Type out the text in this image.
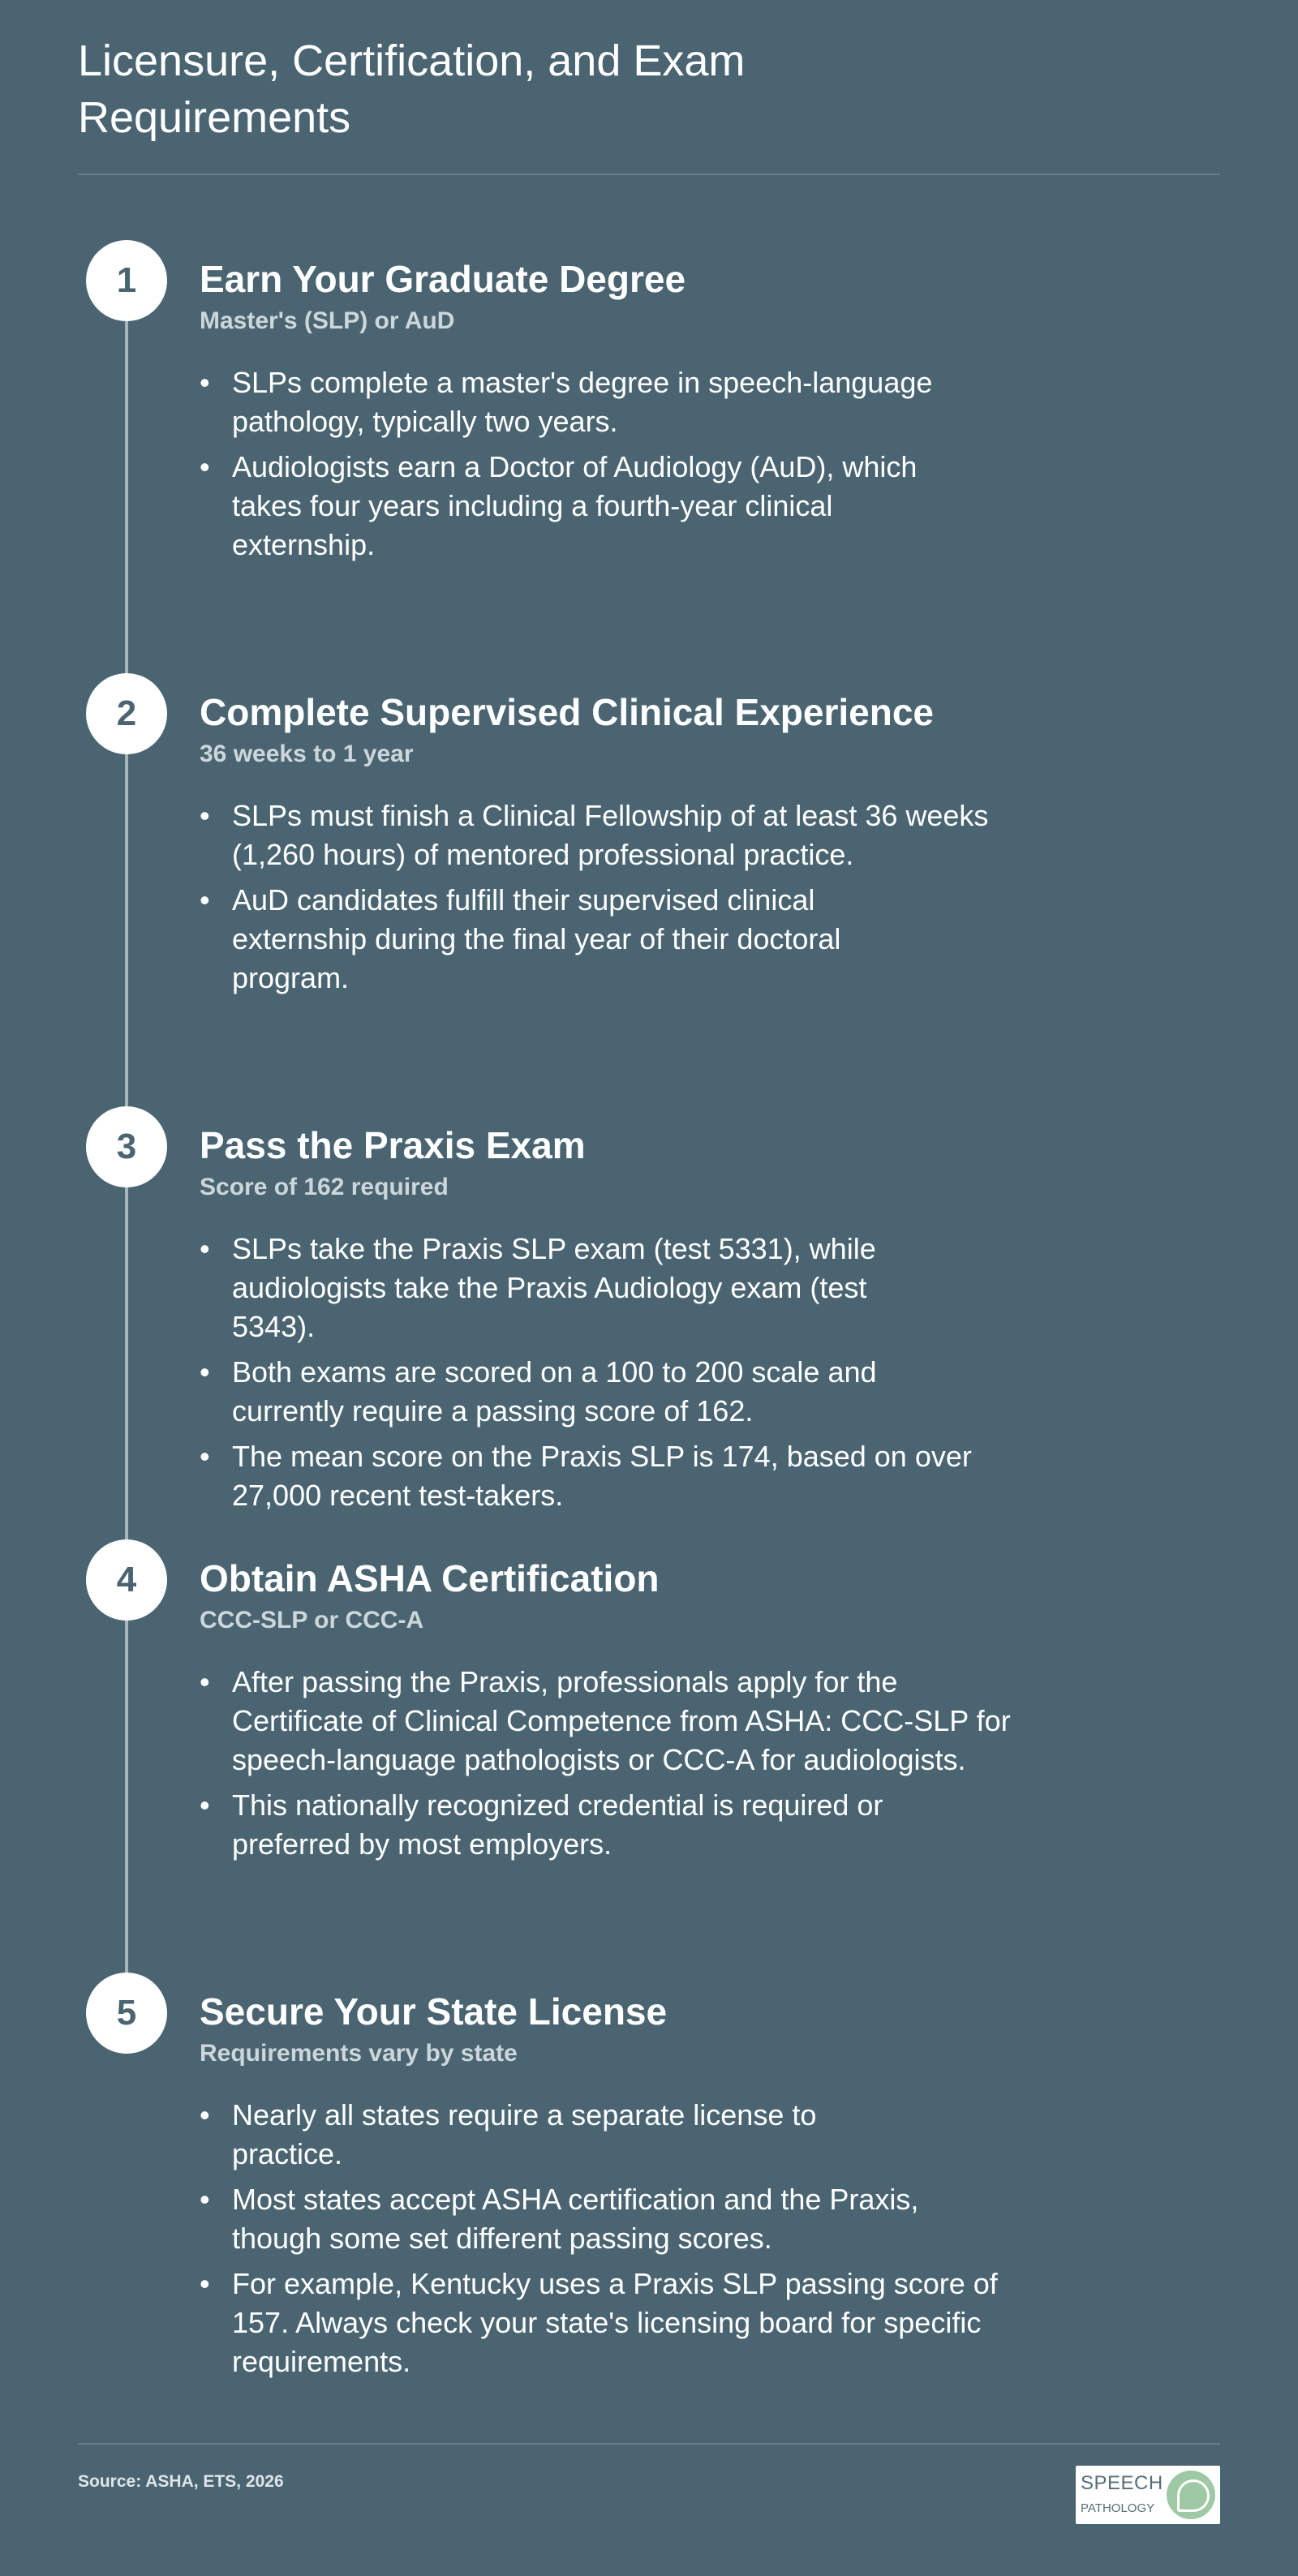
Licensure, Certification, and Exam Requirements
1	Earn Your Graduate Degree
Master's (SLP) or AuD
• SLPs complete a master's degree in speech-language pathology, typically two years.
• Audiologists earn a Doctor of Audiology (AuD), which takes four years including a fourth-year clinical externship.
2	Complete Supervised Clinical Experience
36 weeks to 1 year
• SLPs must finish a Clinical Fellowship of at least 36 weeks (1,260 hours) of mentored professional practice.
• AuD candidates fulfill their supervised clinical externship during the final year of their doctoral program.
3	Pass the Praxis Exam
Score of 162 required
• SLPs take the Praxis SLP exam (test 5331), while audiologists take the Praxis Audiology exam (test 5343).
• Both exams are scored on a 100 to 200 scale and currently require a passing score of 162.
• The mean score on the Praxis SLP is 174, based on over 27,000 recent test-takers.
4	Obtain ASHA Certification
CCC-SLP or CCC-A
• After passing the Praxis, professionals apply for the Certificate of Clinical Competence from ASHA: CCC-SLP for speech-language pathologists or CCC-A for audiologists.
• This nationally recognized credential is required or preferred by most employers.
5	Secure Your State License
Requirements vary by state
• Nearly all states require a separate license to practice.
• Most states accept ASHA certification and the Praxis, though some set different passing scores.
• For example, Kentucky uses a Praxis SLP passing score of 157. Always check your state's licensing board for specific requirements.
Source: ASHA, ETS, 2026	SPEECH
PATHOLOGY
